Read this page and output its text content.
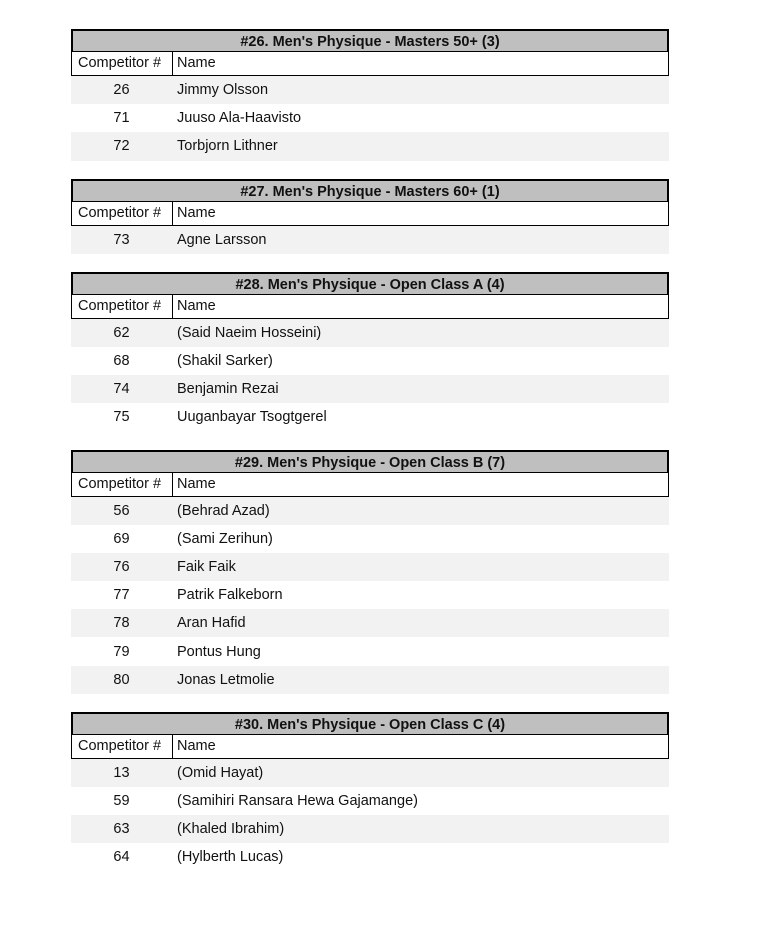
#26. Men's Physique - Masters 50+ (3)
Competitor #	Name
26	Jimmy Olsson
71	Juuso Ala-Haavisto
72	Torbjorn Lithner
#27. Men's Physique - Masters 60+ (1)
Competitor #	Name
73	Agne Larsson
#28. Men's Physique - Open Class A (4)
Competitor #	Name
62	(Said Naeim Hosseini)
68	(Shakil Sarker)
74	Benjamin Rezai
75	Uuganbayar Tsogtgerel
#29. Men's Physique - Open Class B (7)
Competitor #	Name
56	(Behrad Azad)
69	(Sami Zerihun)
76	Faik Faik
77	Patrik Falkeborn
78	Aran Hafid
79	Pontus Hung
80	Jonas Letmolie
#30. Men's Physique - Open Class C (4)
Competitor #	Name
13	(Omid Hayat)
59	(Samihiri Ransara Hewa Gajamange)
63	(Khaled Ibrahim)
64	(Hylberth Lucas)
